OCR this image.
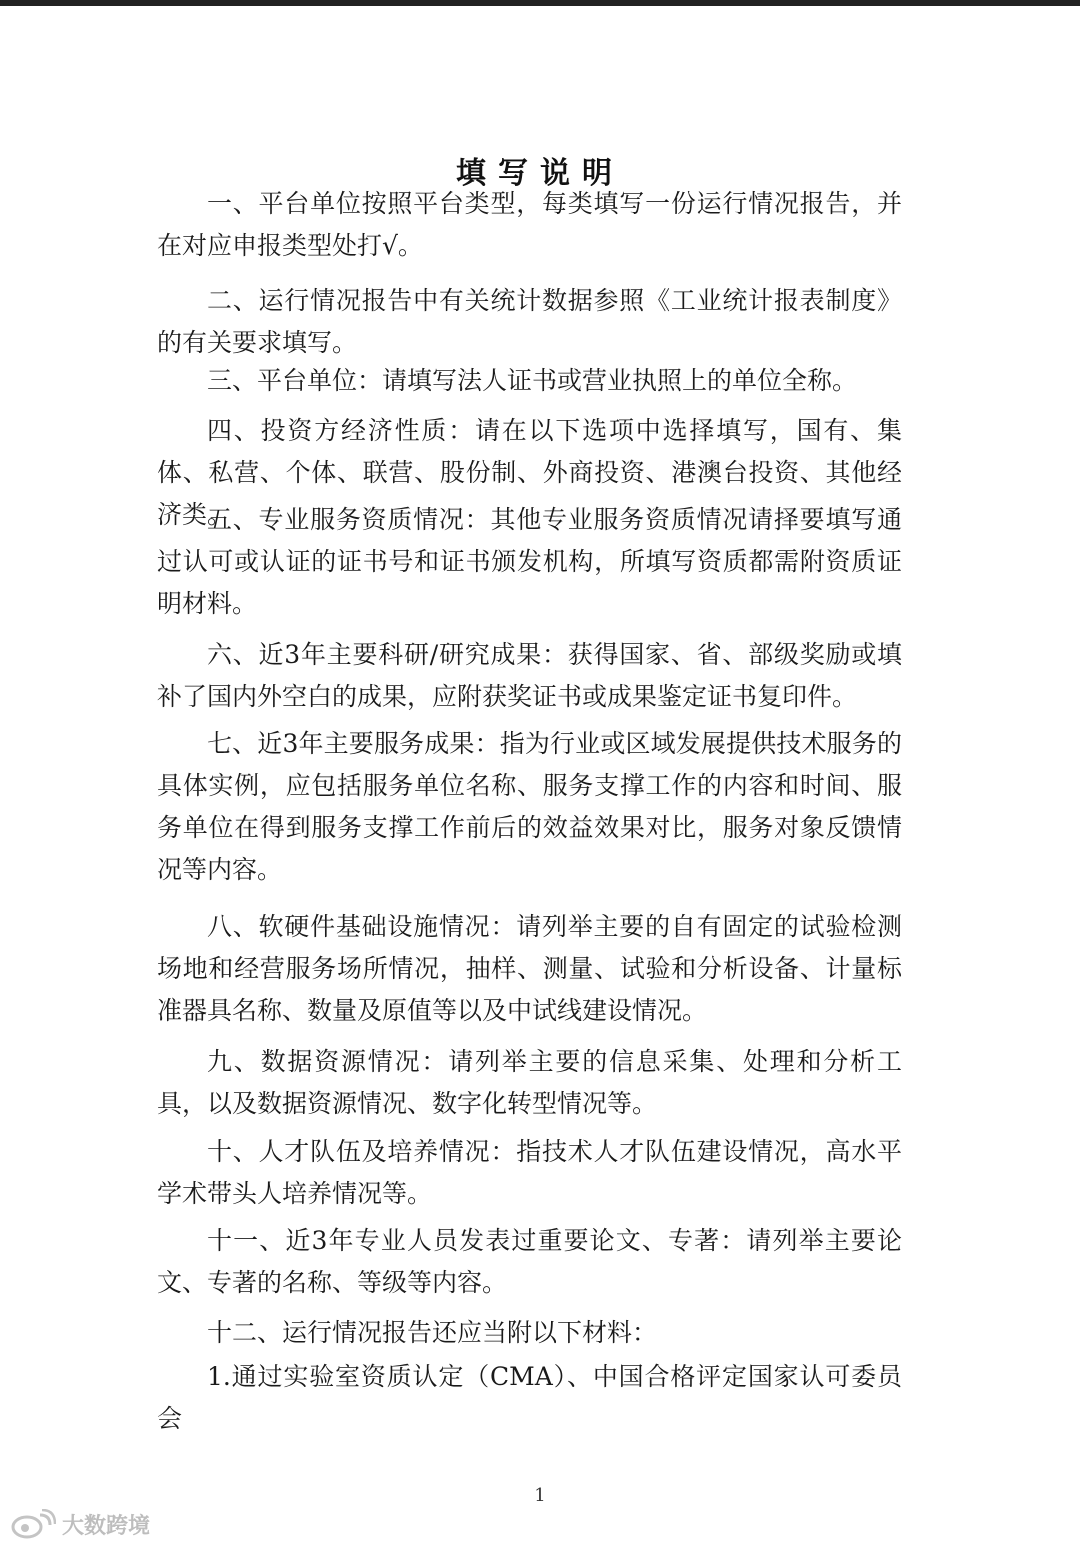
填写说明

一、平台单位按照平台类型，每类填写一份运行情况报告，并在对应申报类型处打√。

二、运行情况报告中有关统计数据参照《工业统计报表制度》的有关要求填写。

三、平台单位：请填写法人证书或营业执照上的单位全称。

四、投资方经济性质：请在以下选项中选择填写，国有、集体、私营、个体、联营、股份制、外商投资、港澳台投资、其他经济类。

五、专业服务资质情况：其他专业服务资质情况请择要填写通过认可或认证的证书号和证书颁发机构，所填写资质都需附资质证明材料。

六、近3年主要科研/研究成果：获得国家、省、部级奖励或填补了国内外空白的成果，应附获奖证书或成果鉴定证书复印件。

七、近3年主要服务成果：指为行业或区域发展提供技术服务的具体实例，应包括服务单位名称、服务支撑工作的内容和时间、服务单位在得到服务支撑工作前后的效益效果对比，服务对象反馈情况等内容。

八、软硬件基础设施情况：请列举主要的自有固定的试验检测场地和经营服务场所情况，抽样、测量、试验和分析设备、计量标准器具名称、数量及原值等以及中试线建设情况。

九、数据资源情况：请列举主要的信息采集、处理和分析工具，以及数据资源情况、数字化转型情况等。

十、人才队伍及培养情况：指技术人才队伍建设情况，高水平学术带头人培养情况等。

十一、近3年专业人员发表过重要论文、专著：请列举主要论文、专著的名称、等级等内容。

十二、运行情况报告还应当附以下材料：

1.通过实验室资质认定（CMA）、中国合格评定国家认可委员会

1
大数跨境
